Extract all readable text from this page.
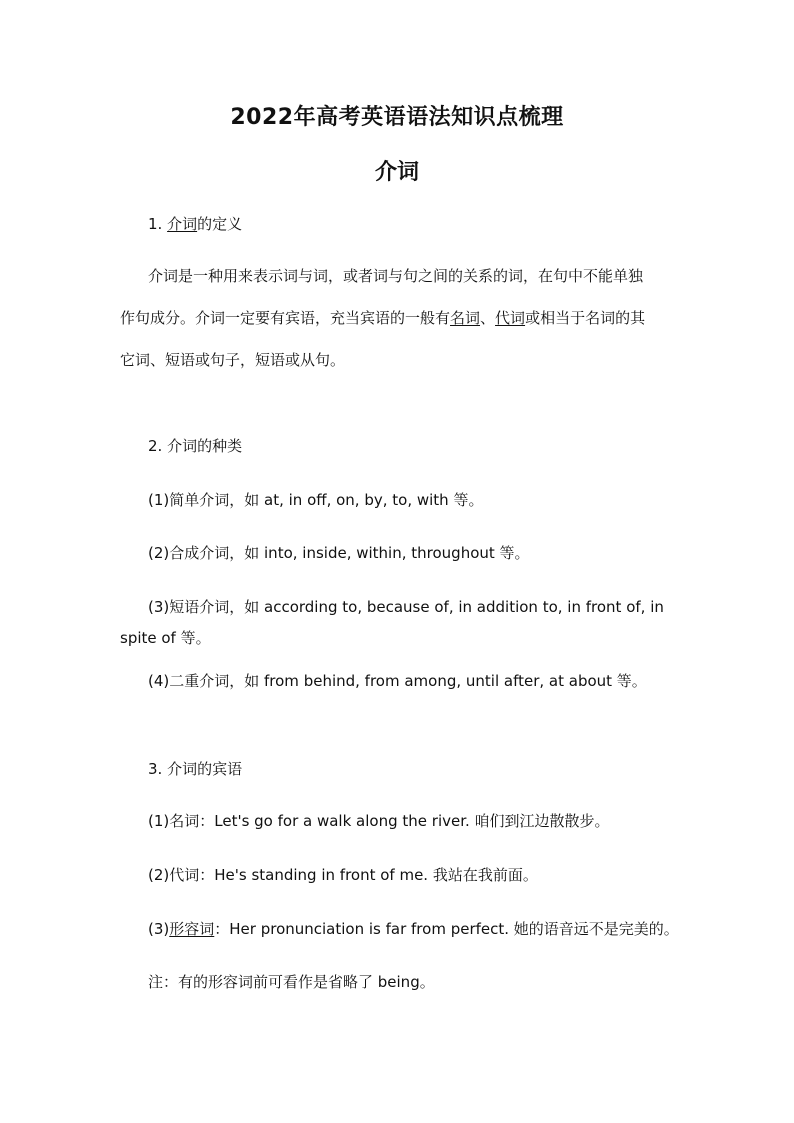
2022年高考英语语法知识点梳理
介词
1. 介词的定义
介词是一种用来表示词与词，或者词与句之间的关系的词，在句中不能单独
作句成分。介词一定要有宾语，充当宾语的一般有名词、代词或相当于名词的其
它词、短语或句子，短语或从句。
2. 介词的种类
(1)简单介词，如 at, in off, on, by, to, with 等。
(2)合成介词，如 into, inside, within, throughout 等。
(3)短语介词，如 according to, because of, in addition to, in front of, in
spite of 等。
(4)二重介词，如 from behind, from among, until after, at about 等。
3. 介词的宾语
(1)名词：Let's go for a walk along the river. 咱们到江边散散步。
(2)代词：He's standing in front of me. 我站在我前面。
(3)形容词：Her pronunciation is far from perfect. 她的语音远不是完美的。
注：有的形容词前可看作是省略了 being。
